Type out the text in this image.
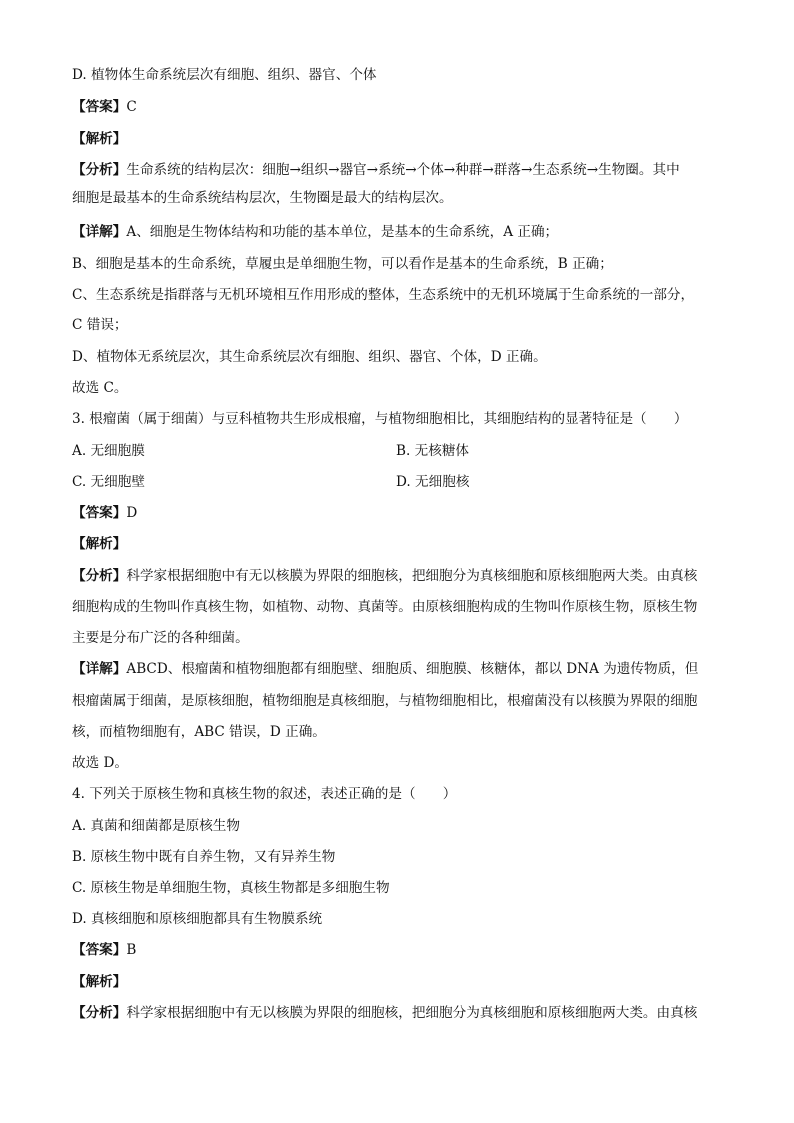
D. 植物体生命系统层次有细胞、组织、器官、个体
【答案】C
【解析】
【分析】生命系统的结构层次：细胞→组织→器官→系统→个体→种群→群落→生态系统→生物圈。其中
细胞是最基本的生命系统结构层次，生物圈是最大的结构层次。
【详解】A、细胞是生物体结构和功能的基本单位，是基本的生命系统，A 正确；
B、细胞是基本的生命系统，草履虫是单细胞生物，可以看作是基本的生命系统，B 正确；
C、生态系统是指群落与无机环境相互作用形成的整体，生态系统中的无机环境属于生命系统的一部分，
C 错误；
D、植物体无系统层次，其生命系统层次有细胞、组织、器官、个体，D 正确。
故选 C。
3. 根瘤菌（属于细菌）与豆科植物共生形成根瘤，与植物细胞相比，其细胞结构的显著特征是（　　）
A. 无细胞膜	B. 无核糖体
C. 无细胞壁	D. 无细胞核
【答案】D
【解析】
【分析】科学家根据细胞中有无以核膜为界限的细胞核，把细胞分为真核细胞和原核细胞两大类。由真核
细胞构成的生物叫作真核生物，如植物、动物、真菌等。由原核细胞构成的生物叫作原核生物，原核生物
主要是分布广泛的各种细菌。
【详解】ABCD、根瘤菌和植物细胞都有细胞壁、细胞质、细胞膜、核糖体，都以 DNA 为遗传物质，但
根瘤菌属于细菌，是原核细胞，植物细胞是真核细胞，与植物细胞相比，根瘤菌没有以核膜为界限的细胞
核，而植物细胞有，ABC 错误，D 正确。
故选 D。
4. 下列关于原核生物和真核生物的叙述，表述正确的是（　　）
A. 真菌和细菌都是原核生物
B. 原核生物中既有自养生物，又有异养生物
C. 原核生物是单细胞生物，真核生物都是多细胞生物
D. 真核细胞和原核细胞都具有生物膜系统
【答案】B
【解析】
【分析】科学家根据细胞中有无以核膜为界限的细胞核，把细胞分为真核细胞和原核细胞两大类。由真核
